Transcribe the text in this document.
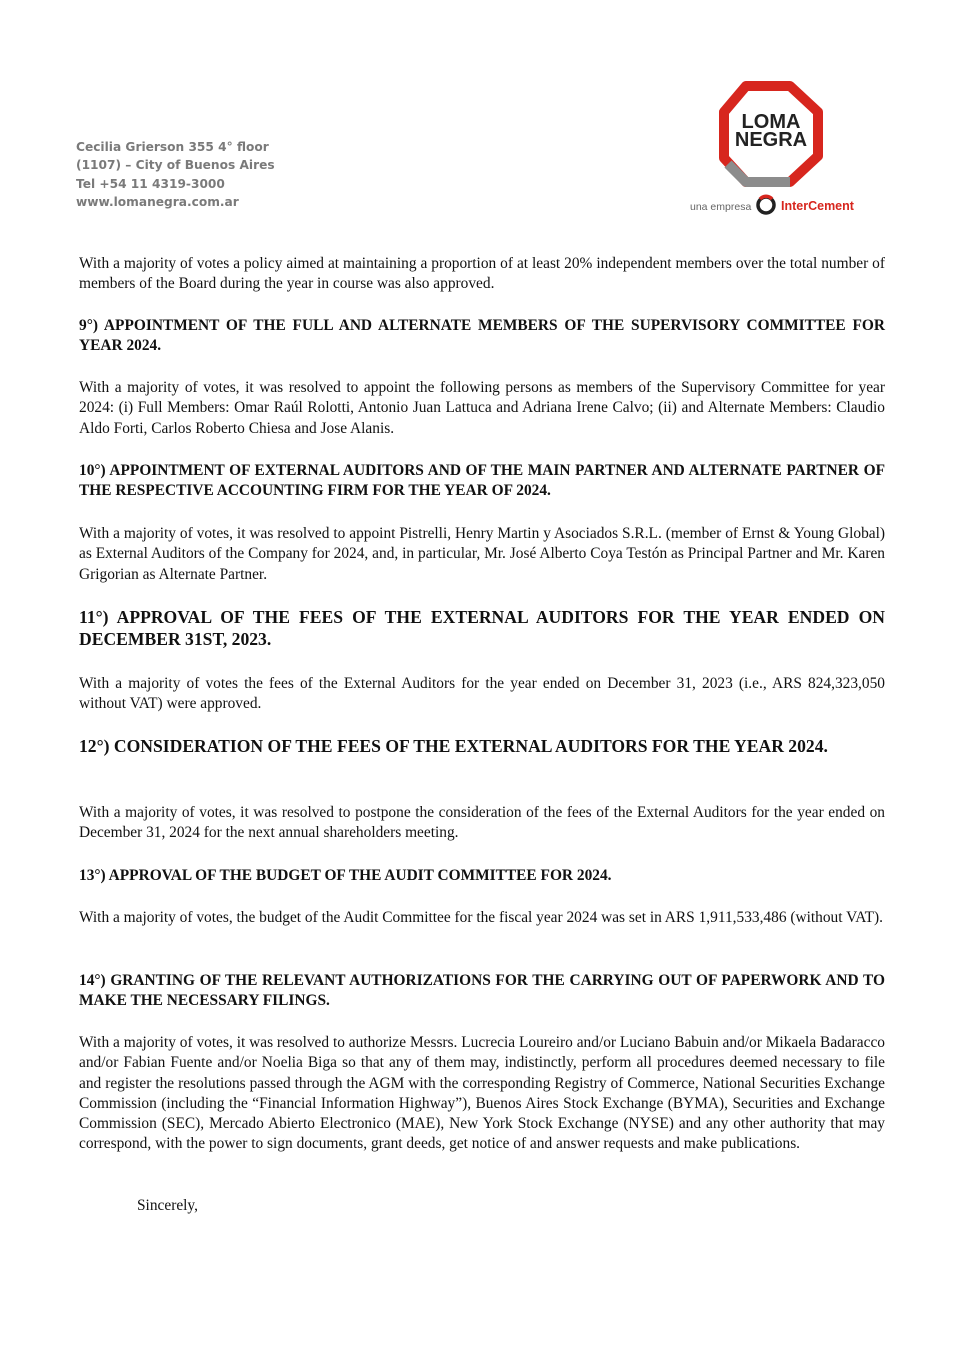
Cecilia Grierson 355 4° floor
(1107) – City of Buenos Aires
Tel +54 11 4319-3000
www.lomanegra.com.ar
LOMA
NEGRA
una empresa InterCement

With a majority of votes a policy aimed at maintaining a proportion of at least 20% independent members over the total number of members of the Board during the year in course was also approved.

9°) APPOINTMENT OF THE FULL AND ALTERNATE MEMBERS OF THE SUPERVISORY COMMITTEE FOR YEAR 2024.

With a majority of votes, it was resolved to appoint the following persons as members of the Supervisory Committee for year 2024: (i) Full Members: Omar Raúl Rolotti, Antonio Juan Lattuca and Adriana Irene Calvo; (ii) and Alternate Members: Claudio Aldo Forti, Carlos Roberto Chiesa and Jose Alanis.

10°) APPOINTMENT OF EXTERNAL AUDITORS AND OF THE MAIN PARTNER AND ALTERNATE PARTNER OF THE RESPECTIVE ACCOUNTING FIRM FOR THE YEAR OF 2024.

With a majority of votes, it was resolved to appoint Pistrelli, Henry Martin y Asociados S.R.L. (member of Ernst & Young Global) as External Auditors of the Company for 2024, and, in particular, Mr. José Alberto Coya Testón as Principal Partner and Mr. Karen Grigorian as Alternate Partner.

11°) APPROVAL OF THE FEES OF THE EXTERNAL AUDITORS FOR THE YEAR ENDED ON DECEMBER 31ST, 2023.

With a majority of votes the fees of the External Auditors for the year ended on December 31, 2023 (i.e., ARS 824,323,050 without VAT) were approved.

12°) CONSIDERATION OF THE FEES OF THE EXTERNAL AUDITORS FOR THE YEAR 2024.

With a majority of votes, it was resolved to postpone the consideration of the fees of the External Auditors for the year ended on December 31, 2024 for the next annual shareholders meeting.

13°) APPROVAL OF THE BUDGET OF THE AUDIT COMMITTEE FOR 2024.

With a majority of votes, the budget of the Audit Committee for the fiscal year 2024 was set in ARS 1,911,533,486 (without VAT).

14°) GRANTING OF THE RELEVANT AUTHORIZATIONS FOR THE CARRYING OUT OF PAPERWORK AND TO MAKE THE NECESSARY FILINGS.

With a majority of votes, it was resolved to authorize Messrs. Lucrecia Loureiro and/or Luciano Babuin and/or Mikaela Badaracco and/or Fabian Fuente and/or Noelia Biga so that any of them may, indistinctly, perform all procedures deemed necessary to file and register the resolutions passed through the AGM with the corresponding Registry of Commerce, National Securities Exchange Commission (including the “Financial Information Highway”), Buenos Aires Stock Exchange (BYMA), Securities and Exchange Commission (SEC), Mercado Abierto Electronico (MAE), New York Stock Exchange (NYSE) and any other authority that may correspond, with the power to sign documents, grant deeds, get notice of and answer requests and make publications.

Sincerely,
